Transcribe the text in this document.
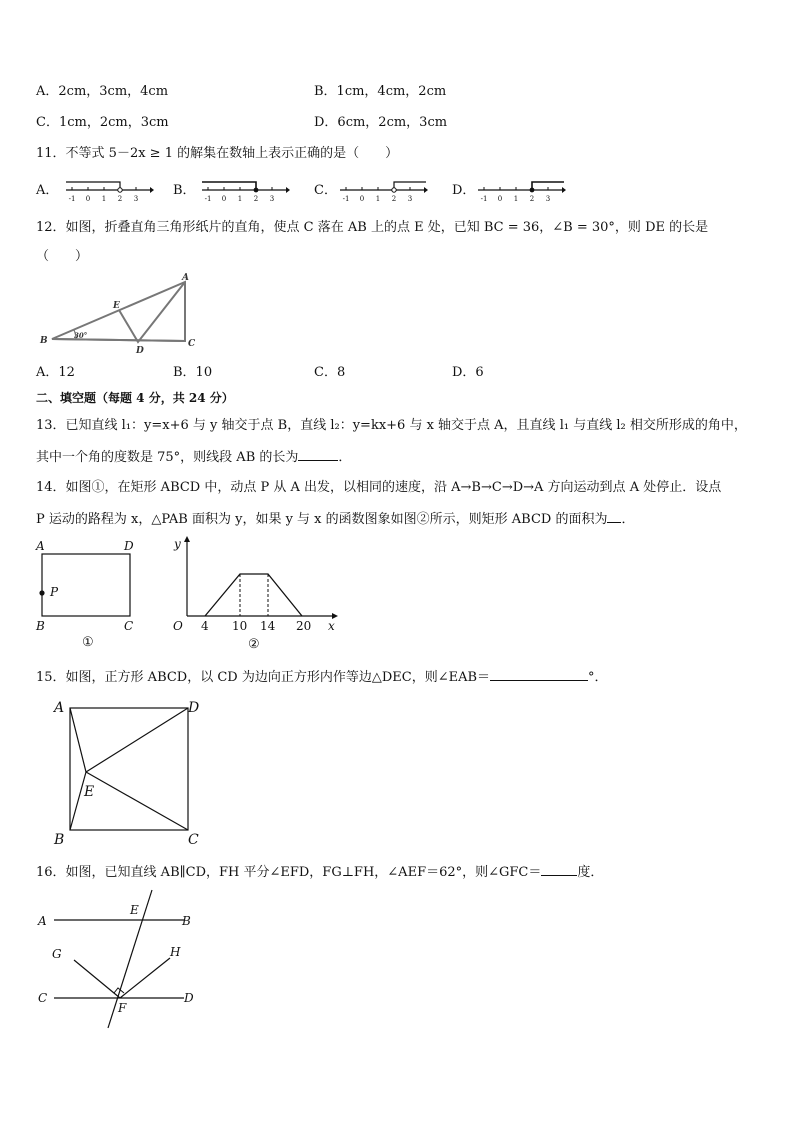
A．2cm，3cm，4cm	B．1cm，4cm，2cm
C．1cm，2cm，3cm	D．6cm，2cm，3cm
11．不等式 5－2x ≥ 1 的解集在数轴上表示正确的是（　　）
A．
-1 0 1 2 3
B．
-1 0 1 2 3
C．
-1 0 1 2 3
D．
-1 0 1 2 3
12．如图，折叠直角三角形纸片的直角，使点 C 落在 AB 上的点 E 处，已知 BC = 36，∠B = 30°，则 DE 的长是
（　　）
A
B	C
D
E
30°
A．12	B．10	C．8	D．6
二、填空题（每题 4 分，共 24 分）
13．已知直线 l₁：y=x+6 与 y 轴交于点 B，直线 l₂：y=kx+6 与 x 轴交于点 A，且直线 l₁ 与直线 l₂ 相交所形成的角中，
其中一个角的度数是 75°，则线段 AB 的长为	．
14．如图①，在矩形 ABCD 中，动点 P 从 A 出发，以相同的速度，沿 A→B→C→D→A 方向运动到点 A 处停止．设点
P 运动的路程为 x，△PAB 面积为 y，如果 y 与 x 的函数图象如图②所示，则矩形 ABCD 的面积为 ．
A	D
B	C
P
①
y
x
O 4 10 14 20
②
15．如图，正方形 ABCD，以 CD 为边向正方形内作等边△DEC，则∠EAB＝	°．
A	D
B	C
E
16．如图，已知直线 AB∥CD，FH 平分∠EFD，FG⊥FH，∠AEF＝62°，则∠GFC＝	度．
A	B
C	D
E
F
G	H
